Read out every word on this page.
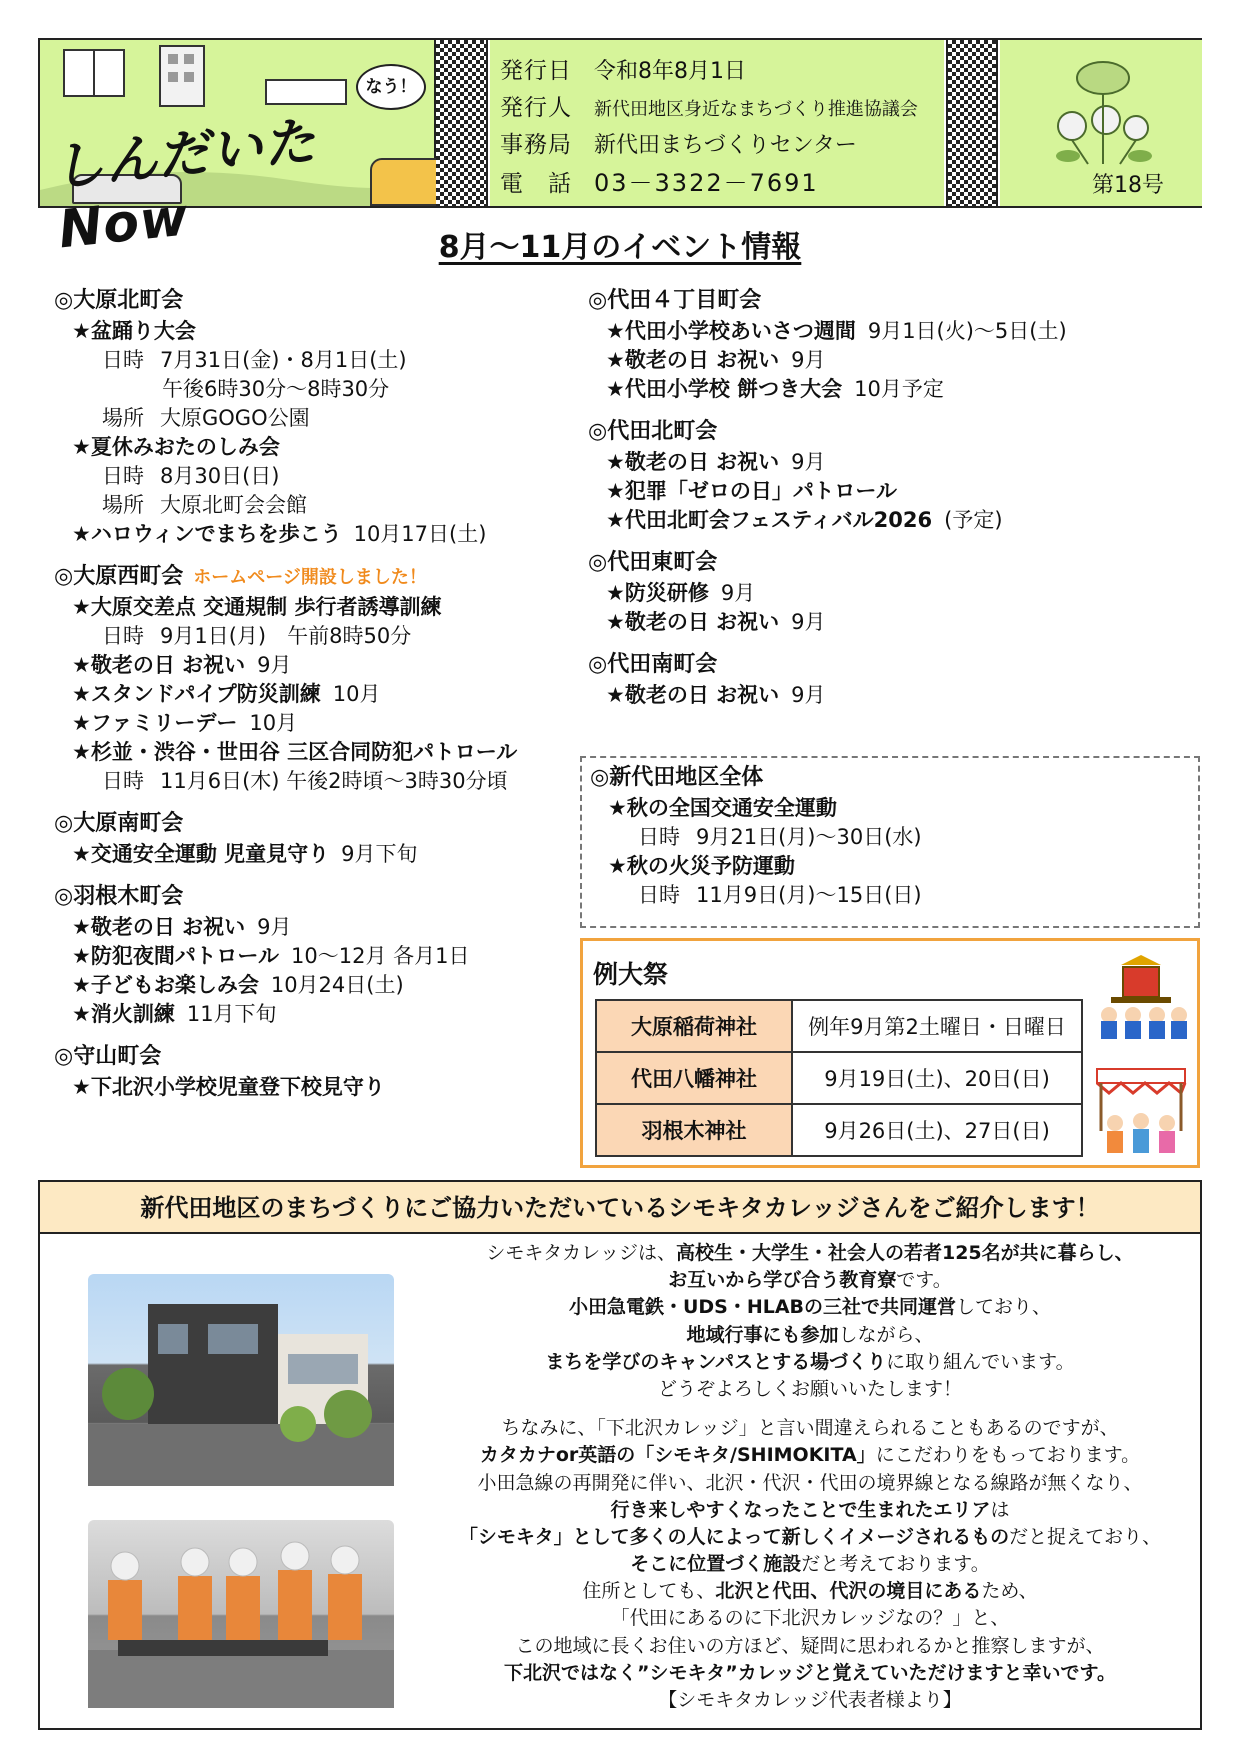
しんだいたNow
なう！
発行日	令和8年8月1日
発行人	新代田地区身近なまちづくり推進協議会
事務局	新代田まちづくりセンター
電　話 03－3322－7691	第18号
8月～11月のイベント情報
◎大原北町会
★盆踊り大会
日時 7月31日(金)・8月1日(土)
午後6時30分～8時30分
場所 大原GOGO公園
★夏休みおたのしみ会
日時 8月30日(日)
場所 大原北町会会館
★ハロウィンでまちを歩こう 10月17日(土)
◎大原西町会 ホームページ開設しました！
★大原交差点 交通規制 歩行者誘導訓練
日時 9月1日(月)　午前8時50分
★敬老の日 お祝い 9月
★スタンドパイプ防災訓練 10月
★ファミリーデー 10月
★杉並・渋谷・世田谷 三区合同防犯パトロール
日時 11月6日(木) 午後2時頃～3時30分頃
◎大原南町会
★交通安全運動 児童見守り 9月下旬
◎羽根木町会
★敬老の日 お祝い 9月
★防犯夜間パトロール 10～12月 各月1日
★子どもお楽しみ会 10月24日(土)
★消火訓練 11月下旬
◎守山町会
★下北沢小学校児童登下校見守り
◎代田４丁目町会
★代田小学校あいさつ週間 9月1日(火)～5日(土)
★敬老の日 お祝い 9月
★代田小学校 餅つき大会 10月予定
◎代田北町会
★敬老の日 お祝い 9月
★犯罪「ゼロの日」パトロール
★代田北町会フェスティバル2026 (予定)
◎代田東町会
★防災研修 9月
★敬老の日 お祝い 9月
◎代田南町会
★敬老の日 お祝い 9月
◎新代田地区全体
★秋の全国交通安全運動
日時 9月21日(月)～30日(水)
★秋の火災予防運動
日時 11月9日(月)～15日(日)
例大祭
大原稲荷神社	例年9月第2土曜日・日曜日
代田八幡神社	9月19日(土)、20日(日)
羽根木神社	9月26日(土)、27日(日)
新代田地区のまちづくりにご協力いただいているシモキタカレッジさんをご紹介します！
シモキタカレッジは、高校生・大学生・社会人の若者125名が共に暮らし、
お互いから学び合う教育寮です。
小田急電鉄・UDS・HLABの三社で共同運営しており、
地域行事にも参加しながら、
まちを学びのキャンパスとする場づくりに取り組んでいます。
どうぞよろしくお願いいたします！
ちなみに、「下北沢カレッジ」と言い間違えられることもあるのですが、
カタカナor英語の「シモキタ/SHIMOKITA」にこだわりをもっております。
小田急線の再開発に伴い、北沢・代沢・代田の境界線となる線路が無くなり、
行き来しやすくなったことで生まれたエリアは
「シモキタ」として多くの人によって新しくイメージされるものだと捉えており、
そこに位置づく施設だと考えております。
住所としても、北沢と代田、代沢の境目にあるため、
「代田にあるのに下北沢カレッジなの？」と、
この地域に長くお住いの方ほど、疑問に思われるかと推察しますが、
下北沢ではなく”シモキタ”カレッジと覚えていただけますと幸いです。
【シモキタカレッジ代表者様より】
